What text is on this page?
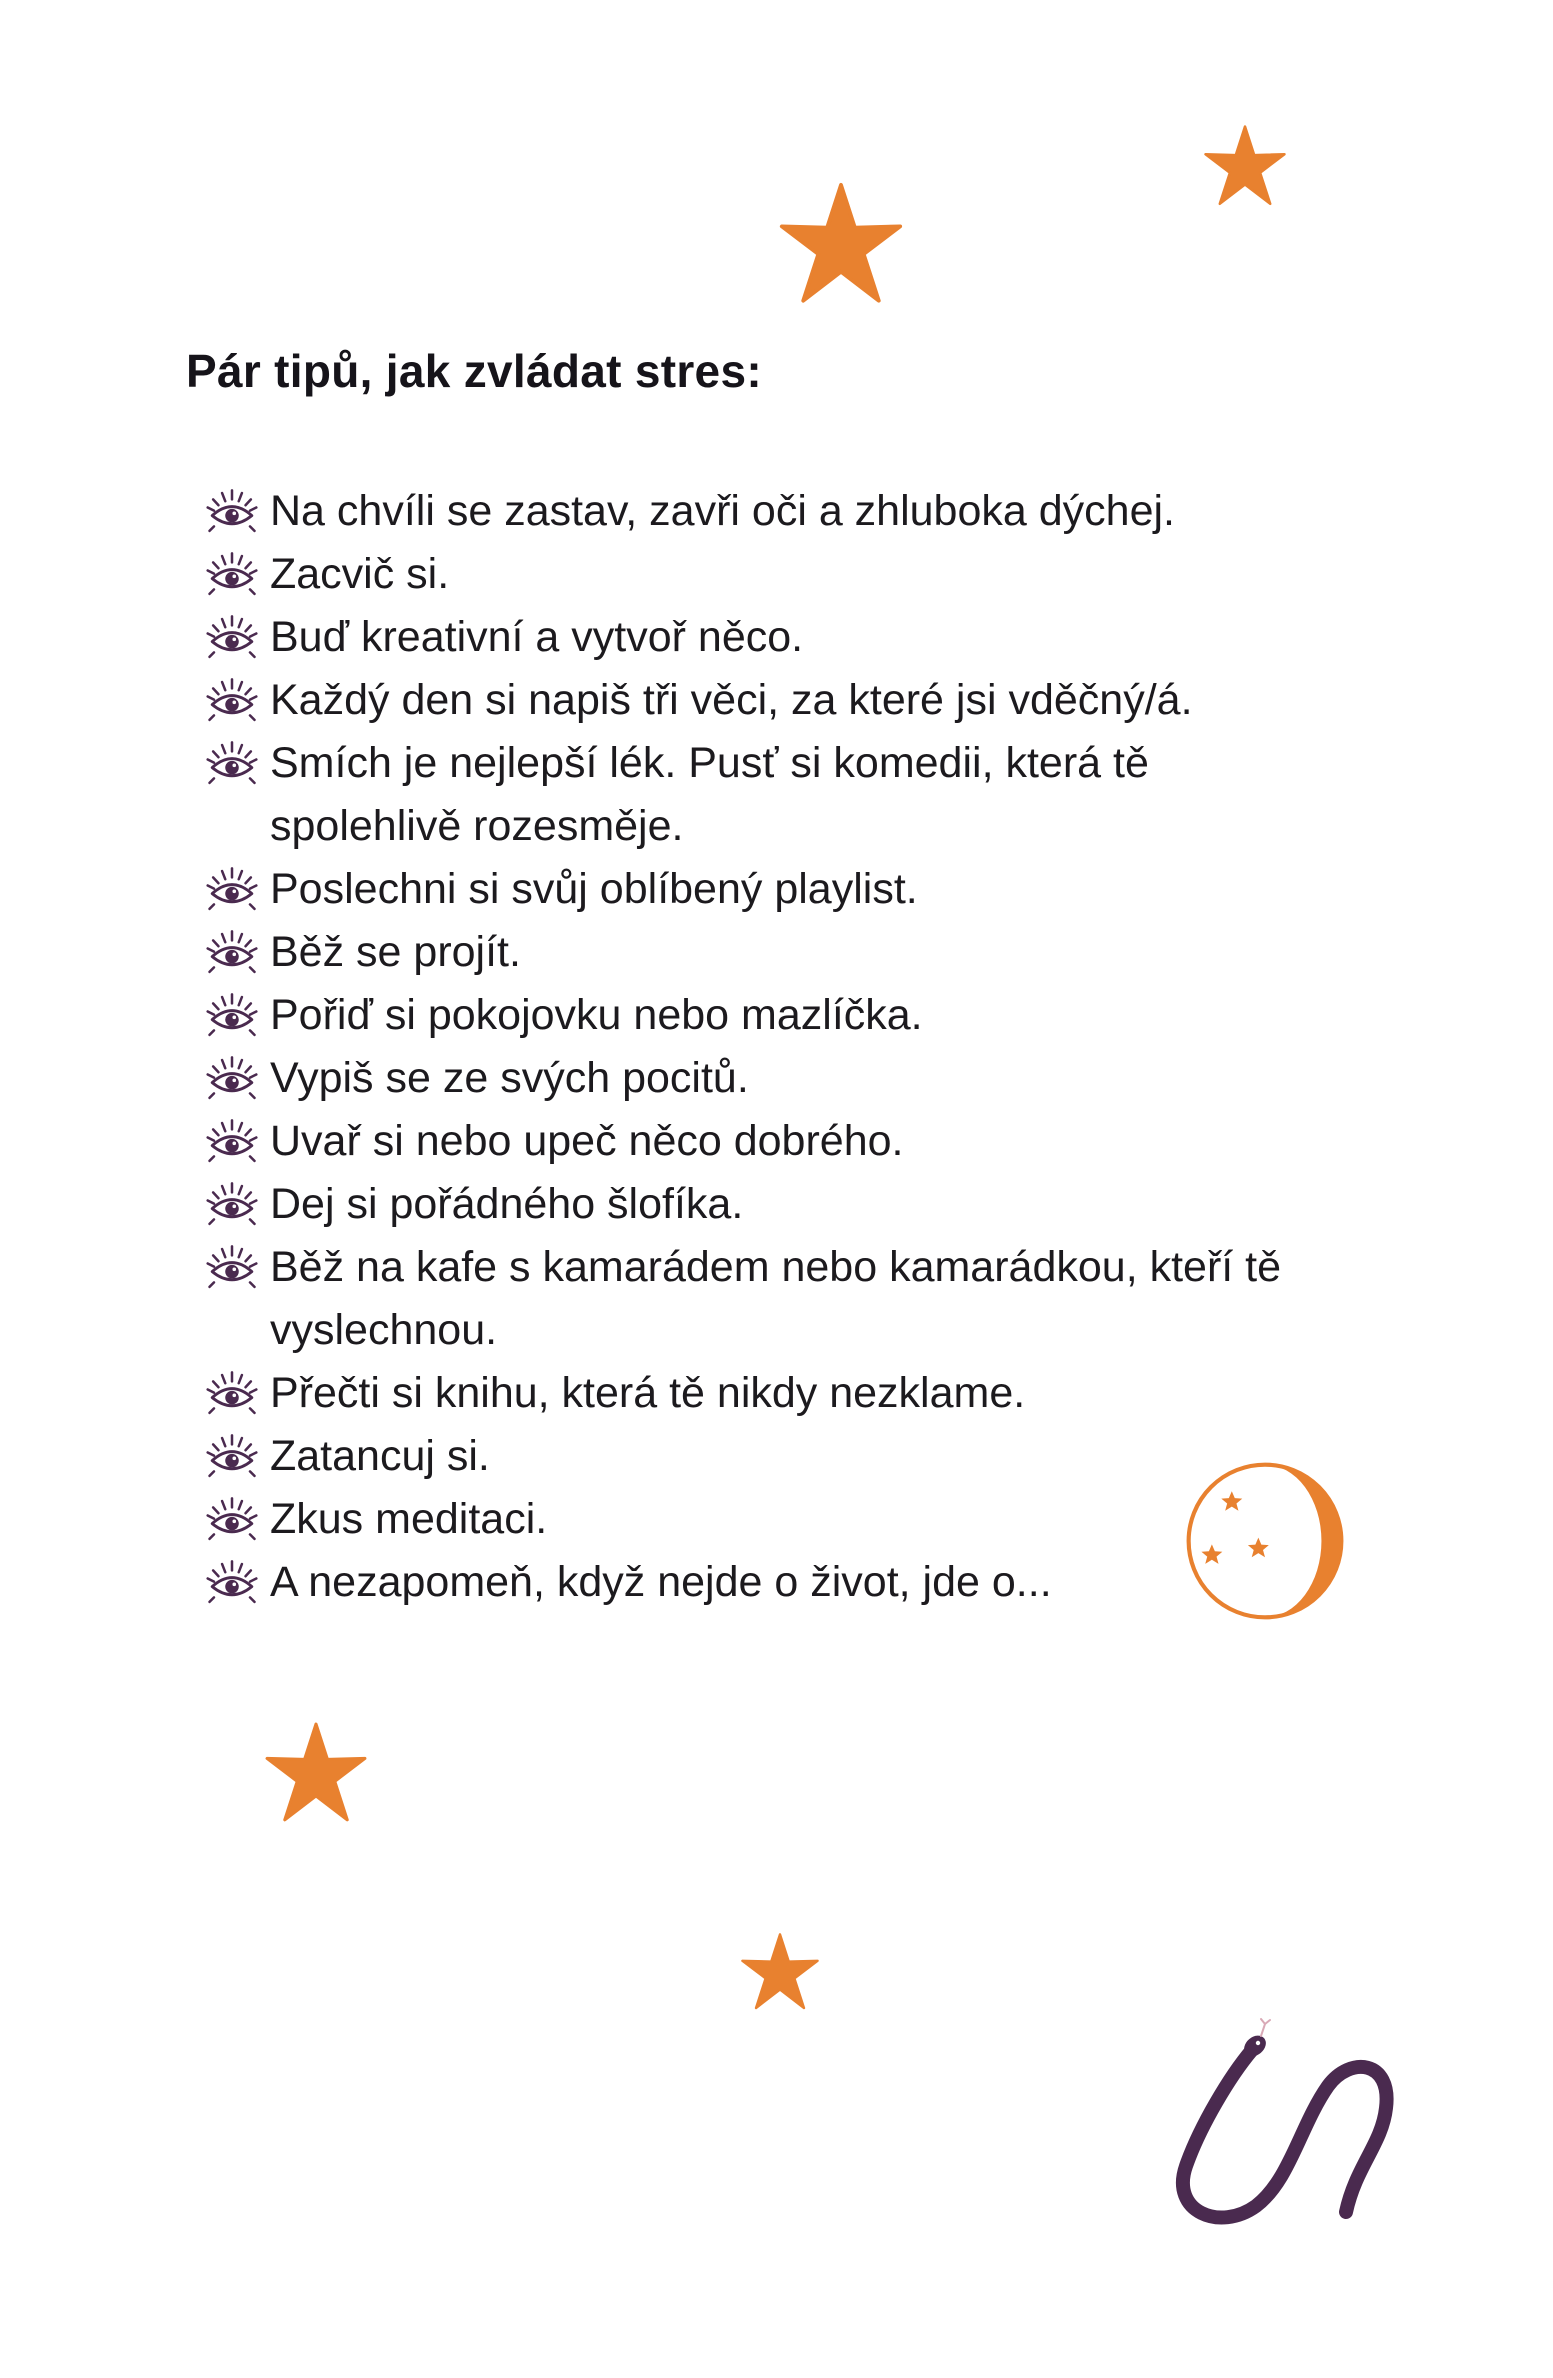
Pár tipů, jak zvládat stres:
Na chvíli se zastav, zavři oči a zhluboka dýchej.
Zacvič si.
Buď kreativní a vytvoř něco.
Každý den si napiš tři věci, za které jsi vděčný/á.
Smích je nejlepší lék. Pusť si komedii, která tě spolehlivě rozesměje.
Poslechni si svůj oblíbený playlist.
Běž se projít.
Pořiď si pokojovku nebo mazlíčka.
Vypiš se ze svých pocitů.
Uvař si nebo upeč něco dobrého.
Dej si pořádného šlofíka.
Běž na kafe s kamarádem nebo kamarádkou, kteří tě vyslechnou.
Přečti si knihu, která tě nikdy nezklame.
Zatancuj si.
Zkus meditaci.
A nezapomeň, když nejde o život, jde o...
